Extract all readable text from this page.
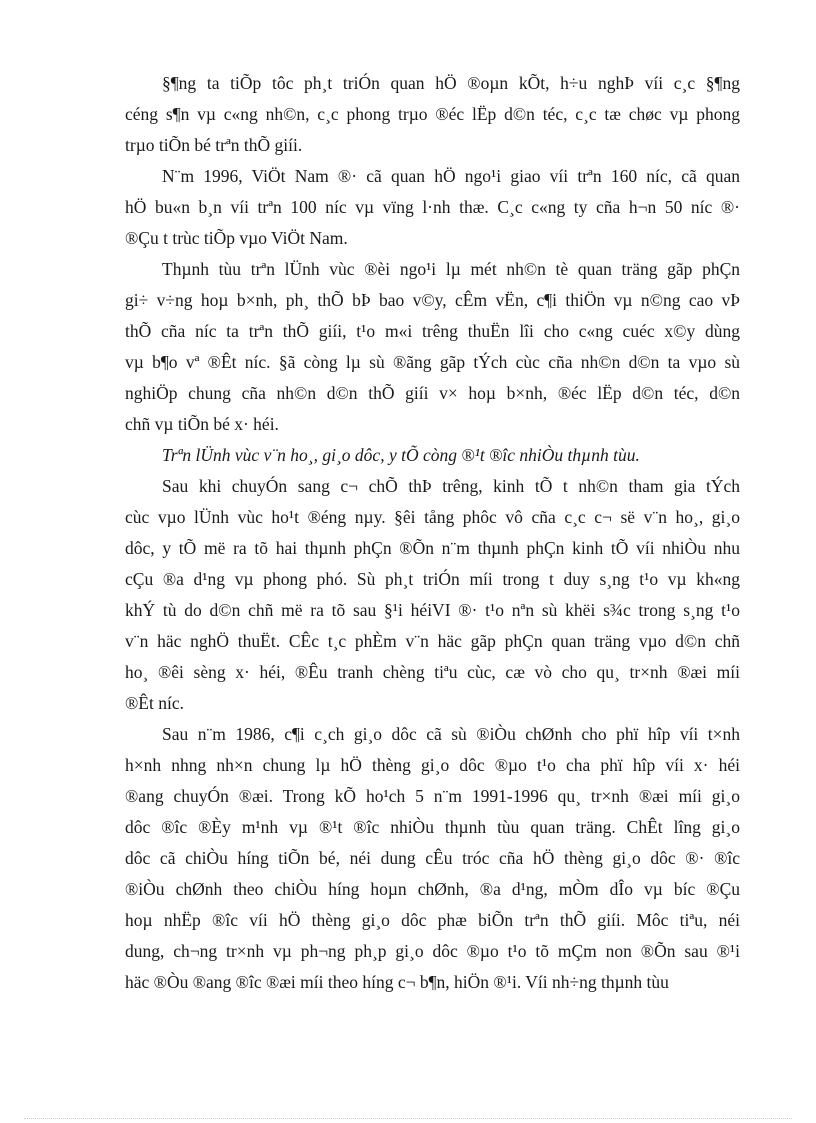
§¶ng ta tiÕp tôc ph¸t triÓn quan hÖ ®oµn kÕt, h÷u nghÞ víi c¸c §¶ng
céng s¶n vµ c«ng nh©n, c¸c phong trµo ®éc lËp d©n téc, c¸c tæ chøc vµ phong
trµo tiÕn bé trªn thÕ giíi.

N¨m 1996, ViÖt Nam ®· cã quan hÖ ngo¹i giao víi trªn 160 níc, cã quan
hÖ bu«n b¸n víi trªn 100 níc vµ vïng l·nh thæ. C¸c c«ng ty cña h¬n 50 níc ®·
®Çu t trùc tiÕp vµo ViÖt Nam.

Thµnh tùu trªn lÜnh vùc ®èi ngo¹i lµ mét nh©n tè quan träng gãp phÇn
gi÷ v÷ng hoµ b×nh, ph¸ thÕ bÞ bao v©y, cÊm vËn, c¶i thiÖn vµ n©ng cao vÞ
thÕ cña níc ta trªn thÕ giíi, t¹o m«i trêng thuËn lîi cho c«ng cuéc x©y dùng
vµ b¶o vª ®Êt níc. §ã còng lµ sù ®ãng gãp tÝch cùc cña nh©n d©n ta vµo sù
nghiÖp chung cña nh©n d©n thÕ giíi v× hoµ b×nh, ®éc lËp d©n téc, d©n
chñ vµ tiÕn bé x· héi.

Trªn lÜnh vùc v¨n ho¸, gi¸o dôc, y tÕ còng ®¹t ®îc nhiÒu thµnh tùu.

Sau khi chuyÓn sang c¬ chÕ thÞ trêng, kinh tÕ t nh©n tham gia tÝch
cùc vµo lÜnh vùc ho¹t ®éng nµy. §êi tång phôc vô cña c¸c c¬ së v¨n ho¸, gi¸o
dôc, y tÕ më ra tõ hai thµnh phÇn ®Õn n¨m thµnh phÇn kinh tÕ víi nhiÒu nhu
cÇu ®a d¹ng vµ phong phó. Sù ph¸t triÓn míi trong t duy s¸ng t¹o vµ kh«ng
khÝ tù do d©n chñ më ra tõ sau §¹i héiVI ®· t¹o nªn sù khëi s¾c trong s¸ng t¹o
v¨n häc nghÖ thuËt. CÊc t¸c phÈm v¨n häc gãp phÇn quan träng vµo d©n chñ
ho¸ ®êi sèng x· héi, ®Êu tranh chèng tiªu cùc, cæ vò cho qu¸ tr×nh ®æi míi
®Êt níc.

Sau n¨m 1986, c¶i c¸ch gi¸o dôc cã sù ®iÒu chØnh cho phï hîp víi t×nh
h×nh nhng nh×n chung lµ hÖ thèng gi¸o dôc ®µo t¹o cha phï hîp víi x· héi
®ang chuyÓn ®æi. Trong kÕ ho¹ch 5 n¨m 1991-1996 qu¸ tr×nh ®æi míi gi¸o
dôc ®îc ®Èy m¹nh vµ ®¹t ®îc nhiÒu thµnh tùu quan träng. ChÊt lîng gi¸o
dôc cã chiÒu híng tiÕn bé, néi dung cÊu tróc cña hÖ thèng gi¸o dôc ®· ®îc
®iÒu chØnh theo chiÒu híng hoµn chØnh, ®a d¹ng, mÒm dÎo vµ bíc ®Çu
hoµ nhËp ®îc víi hÖ thèng gi¸o dôc phæ biÕn trªn thÕ giíi. Môc tiªu, néi
dung, ch¬ng tr×nh vµ ph¬ng ph¸p gi¸o dôc ®µo t¹o tõ mÇm non ®Õn sau ®¹i
häc ®Òu ®ang ®îc ®æi míi theo híng c¬ b¶n, hiÖn ®¹i. Víi nh÷ng thµnh tùu
